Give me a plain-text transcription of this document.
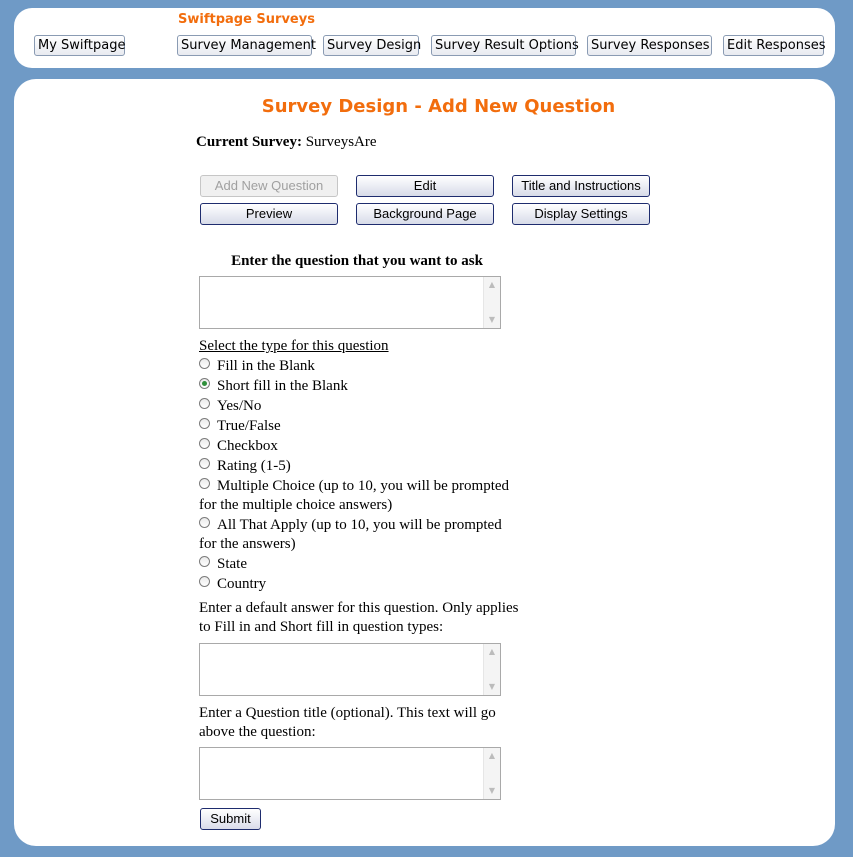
Swiftpage Surveys
My Swiftpage	Survey Management Survey Design	Survey Result Options Survey Responses	Edit Responses
Survey Design - Add New Question
Current Survey: SurveysAre
Add New Question	Edit	Title and Instructions
Preview	Background Page	Display Settings
Enter the question that you want to ask
▲
▼
Select the type for this question
Fill in the Blank
Short fill in the Blank
Yes/No
True/False
Checkbox
Rating (1-5)
Multiple Choice (up to 10, you will be prompted
for the multiple choice answers)
All That Apply (up to 10, you will be prompted
for the answers)
State
Country
Enter a default answer for this question. Only applies
to Fill in and Short fill in question types:
▲
▼
Enter a Question title (optional). This text will go
above the question:
▲
▼
Submit
